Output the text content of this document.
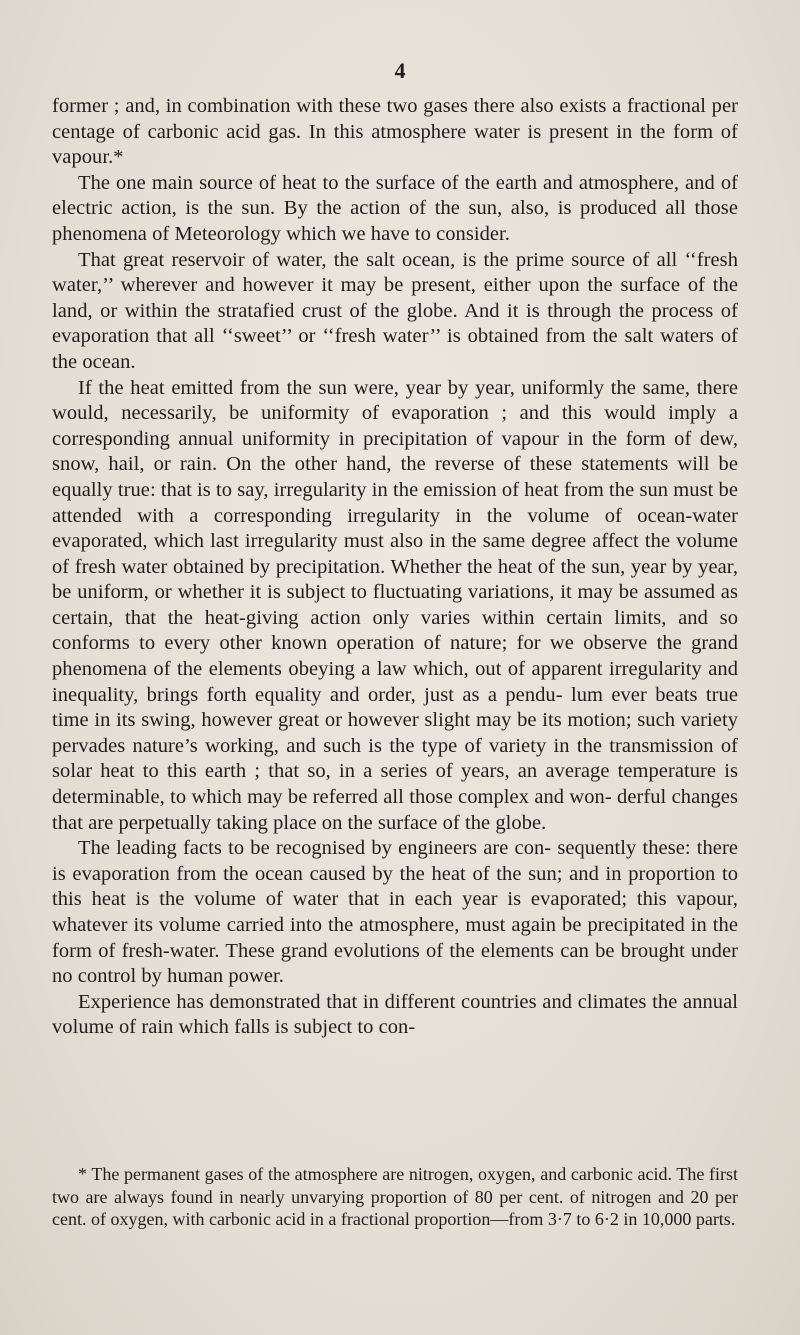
4

former ; and, in combination with these two gases there also exists a fractional per centage of carbonic acid gas. In this atmosphere water is present in the form of vapour.*

The one main source of heat to the surface of the earth and atmosphere, and of electric action, is the sun. By the action of the sun, also, is produced all those phenomena of Meteorology which we have to consider.

That great reservoir of water, the salt ocean, is the prime source of all ‘‘fresh water,’’ wherever and however it may be present, either upon the surface of the land, or within the stratafied crust of the globe. And it is through the process of evaporation that all ‘‘sweet’’ or ‘‘fresh water’’ is obtained from the salt waters of the ocean.

If the heat emitted from the sun were, year by year, uniformly the same, there would, necessarily, be uniformity of evaporation ; and this would imply a corresponding annual uniformity in precipitation of vapour in the form of dew, snow, hail, or rain. On the other hand, the reverse of these statements will be equally true: that is to say, irregularity in the emission of heat from the sun must be attended with a corresponding irregularity in the volume of ocean-water evaporated, which last irregularity must also in the same degree affect the volume of fresh water obtained by precipitation. Whether the heat of the sun, year by year, be uniform, or whether it is subject to fluctuating variations, it may be assumed as certain, that the heat-giving action only varies within certain limits, and so conforms to every other known operation of nature; for we observe the grand phenomena of the elements obeying a law which, out of apparent irregularity and inequality, brings forth equality and order, just as a pendu- lum ever beats true time in its swing, however great or however slight may be its motion; such variety pervades nature’s working, and such is the type of variety in the transmission of solar heat to this earth ; that so, in a series of years, an average temperature is determinable, to which may be referred all those complex and won- derful changes that are perpetually taking place on the surface of the globe.

The leading facts to be recognised by engineers are con- sequently these: there is evaporation from the ocean caused by the heat of the sun; and in proportion to this heat is the volume of water that in each year is evaporated; this vapour, whatever its volume carried into the atmosphere, must again be precipitated in the form of fresh-water. These grand evolutions of the elements can be brought under no control by human power.

Experience has demonstrated that in different countries and climates the annual volume of rain which falls is subject to con-

* The permanent gases of the atmosphere are nitrogen, oxygen, and carbonic acid. The first two are always found in nearly unvarying proportion of 80 per cent. of nitrogen and 20 per cent. of oxygen, with carbonic acid in a fractional proportion—from 3·7 to 6·2 in 10,000 parts.
